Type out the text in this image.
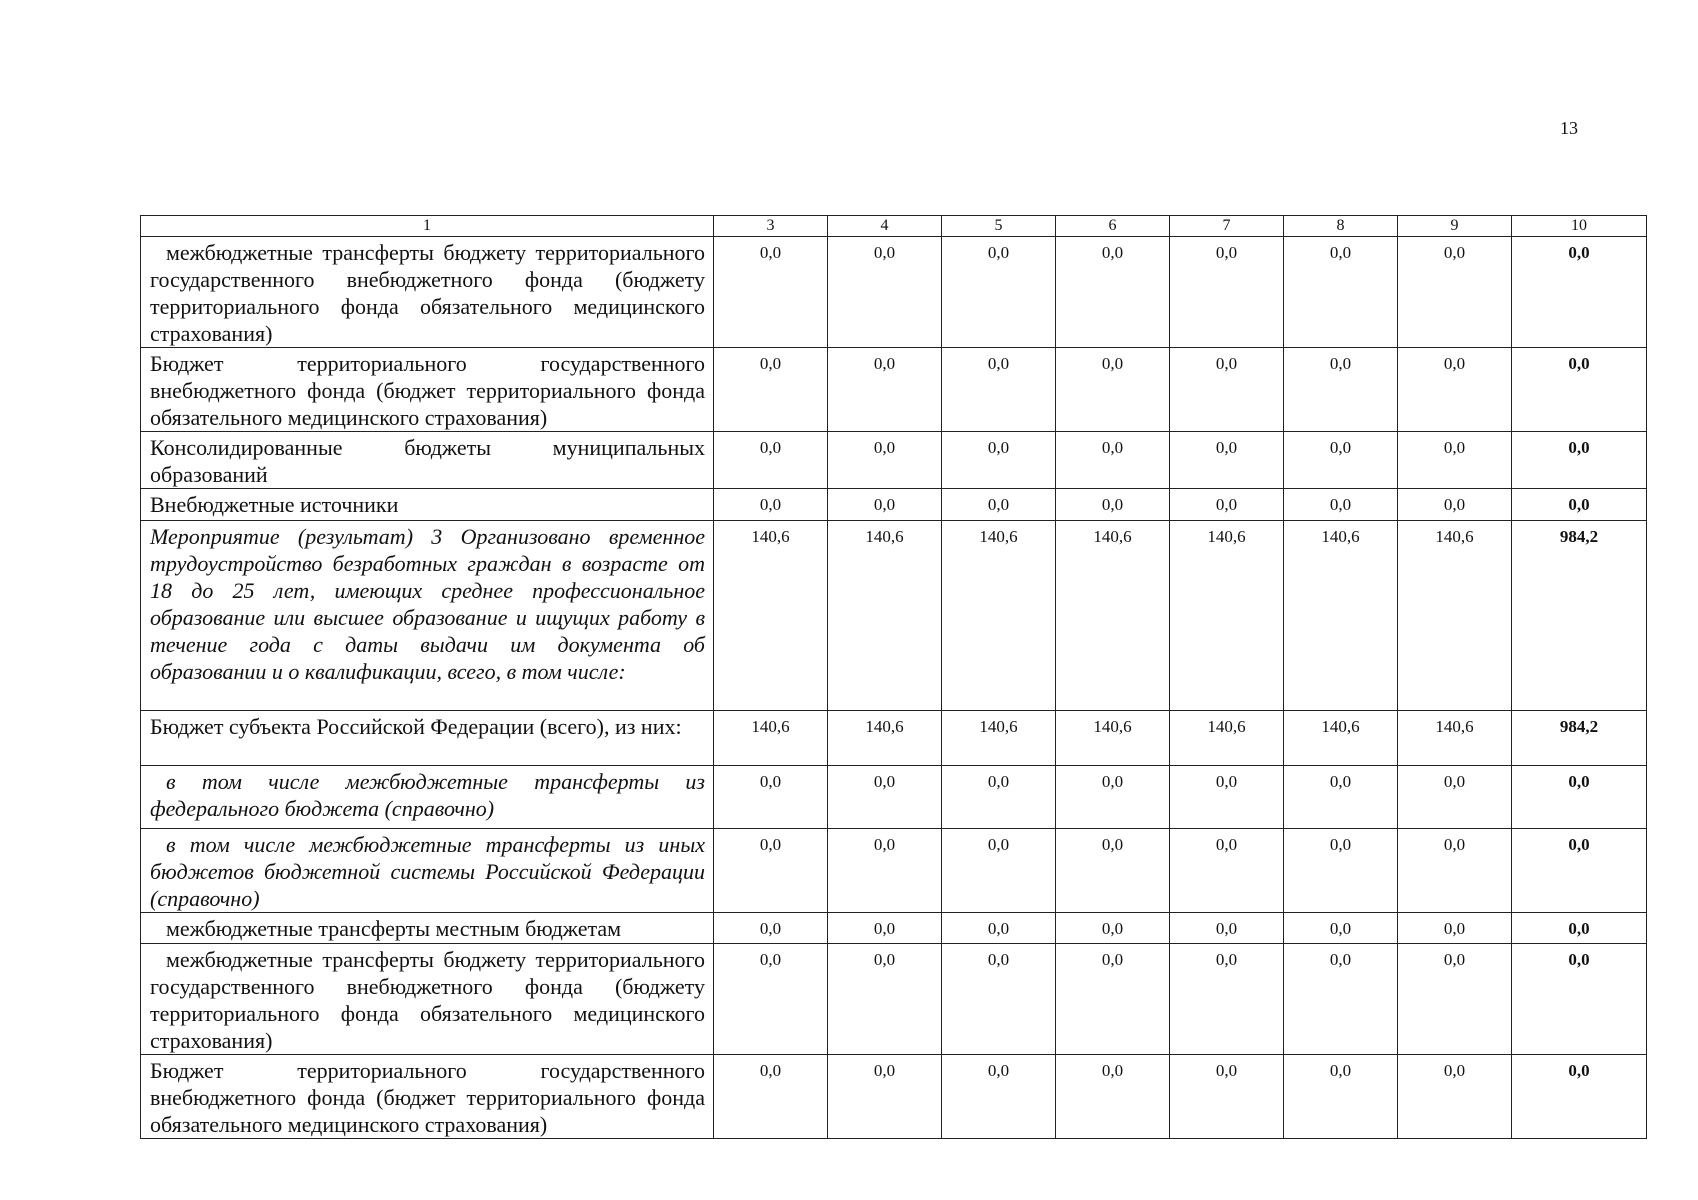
13
1	3	4	5	6	7	8	9	10
межбюджетные трансферты бюджету территориального государственного внебюджетного фонда (бюджету территориального фонда обязательного медицинского страхования)	0,0	0,0	0,0	0,0	0,0	0,0	0,0	0,0
Бюджет территориального государственного внебюджетного фонда (бюджет территориального фонда обязательного медицинского страхования)	0,0	0,0	0,0	0,0	0,0	0,0	0,0	0,0
Консолидированные бюджеты муниципальных образований	0,0	0,0	0,0	0,0	0,0	0,0	0,0	0,0
Внебюджетные источники	0,0	0,0	0,0	0,0	0,0	0,0	0,0	0,0
Мероприятие (результат) 3 Организовано временное трудоустройство безработных граждан в возрасте от 18 до 25 лет, имеющих среднее профессиональное образование или высшее образование и ищущих работу в течение года с даты выдачи им документа об образовании и о квалификации, всего, в том числе:	140,6	140,6	140,6	140,6	140,6	140,6	140,6	984,2
Бюджет субъекта Российской Федерации (всего), из них:	140,6	140,6	140,6	140,6	140,6	140,6	140,6	984,2
в том числе межбюджетные трансферты из федерального бюджета (справочно)	0,0	0,0	0,0	0,0	0,0	0,0	0,0	0,0
в том числе межбюджетные трансферты из иных бюджетов бюджетной системы Российской Федерации (справочно)	0,0	0,0	0,0	0,0	0,0	0,0	0,0	0,0
межбюджетные трансферты местным бюджетам	0,0	0,0	0,0	0,0	0,0	0,0	0,0	0,0
межбюджетные трансферты бюджету территориального государственного внебюджетного фонда (бюджету территориального фонда обязательного медицинского страхования)	0,0	0,0	0,0	0,0	0,0	0,0	0,0	0,0
Бюджет территориального государственного внебюджетного фонда (бюджет территориального фонда обязательного медицинского страхования)	0,0	0,0	0,0	0,0	0,0	0,0	0,0	0,0
